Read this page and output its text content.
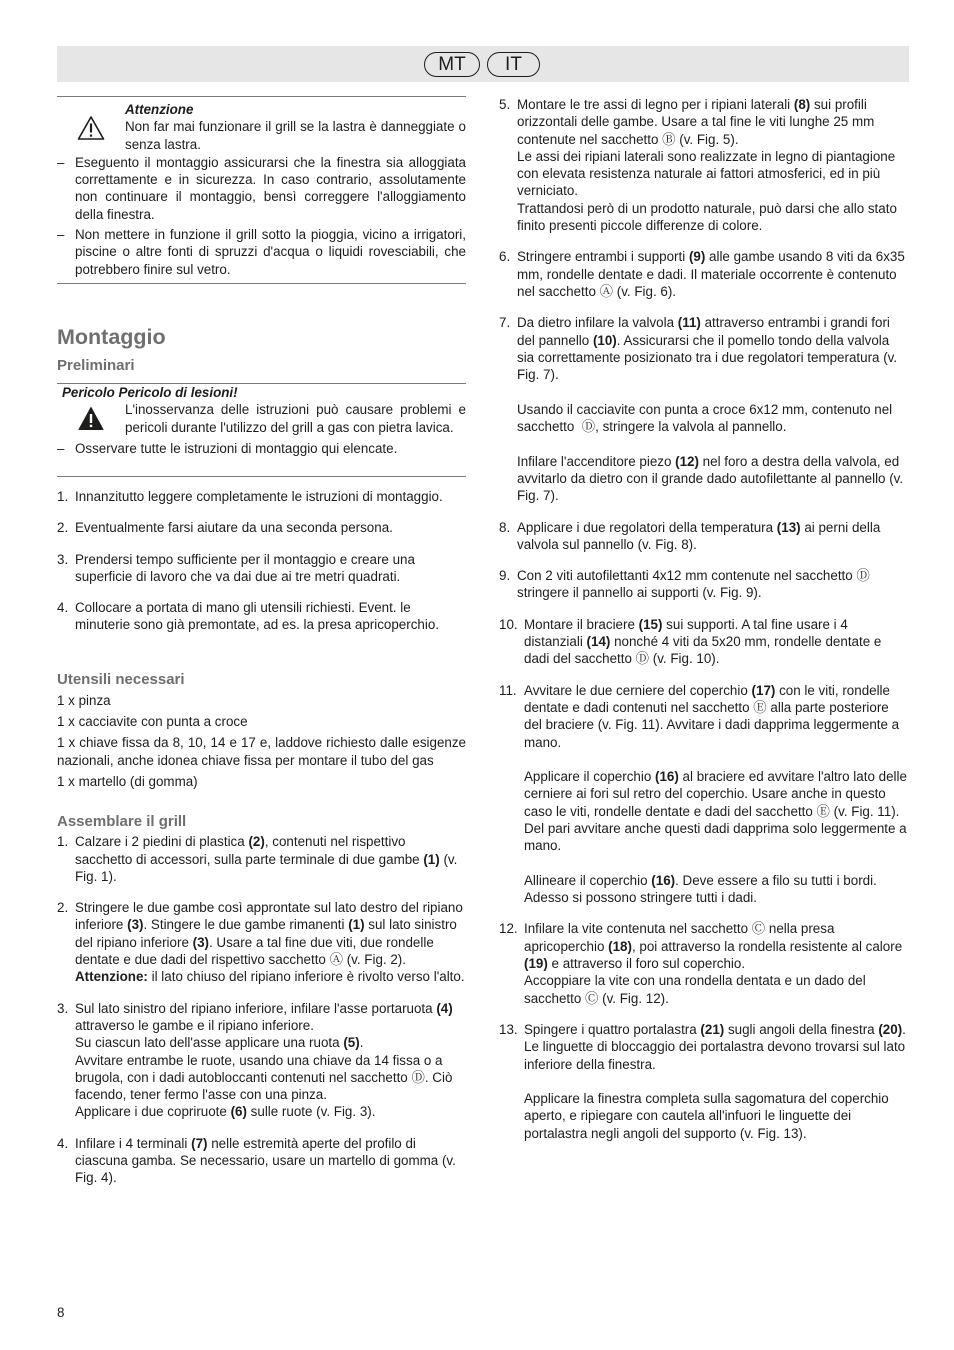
MT	IT
Attenzione
Non far mai funzionare il grill se la lastra è danneggiate o senza lastra.
– Eseguento il montaggio assicurarsi che la finestra sia alloggiata correttamente e in sicurezza. In caso contrario, assolutamente non continuare il montaggio, bensì correggere l'alloggiamento della finestra.
– Non mettere in funzione il grill sotto la pioggia, vicino a irrigatori, piscine o altre fonti di spruzzi d'acqua o liquidi rovesciabili, che potrebbero finire sul vetro.
Montaggio
Preliminari
Pericolo Pericolo di lesioni!
L'inosservanza delle istruzioni può causare problemi e pericoli durante l'utilizzo del grill a gas con pietra lavica.
– Osservare tutte le istruzioni di montaggio qui elencate.
1. Innanzitutto leggere completamente le istruzioni di montaggio.
2. Eventualmente farsi aiutare da una seconda persona.
3. Prendersi tempo sufficiente per il montaggio e creare una superficie di lavoro che va dai due ai tre metri quadrati.
4. Collocare a portata di mano gli utensili richiesti. Event. le minuterie sono già premontate, ad es. la presa apricoperchio.
Utensili necessari
1 x pinza
1 x cacciavite con punta a croce
1 x chiave fissa da 8, 10, 14 e 17 e, laddove richiesto dalle esigenze nazionali, anche idonea chiave fissa per montare il tubo del gas
1 x martello (di gomma)
Assemblare il grill
1. Calzare i 2 piedini di plastica (2), contenuti nel rispettivo sacchetto di accessori, sulla parte terminale di due gambe (1) (v. Fig. 1).
2. Stringere le due gambe così approntate sul lato destro del ripiano inferiore (3). Stingere le due gambe rimanenti (1) sul lato sinistro del ripiano inferiore (3). Usare a tal fine due viti, due rondelle dentate e due dadi del rispettivo sacchetto Ⓐ (v. Fig. 2).
Attenzione: il lato chiuso del ripiano inferiore è rivolto verso l'alto.
3. Sul lato sinistro del ripiano inferiore, infilare l'asse portaruota (4) attraverso le gambe e il ripiano inferiore.
Su ciascun lato dell'asse applicare una ruota (5).
Avvitare entrambe le ruote, usando una chiave da 14 fissa o a brugola, con i dadi autobloccanti contenuti nel sacchetto Ⓓ. Ciò facendo, tener fermo l'asse con una pinza.
Applicare i due copriruote (6) sulle ruote (v. Fig. 3).
4. Infilare i 4 terminali (7) nelle estremità aperte del profilo di ciascuna gamba. Se necessario, usare un martello di gomma (v. Fig. 4).
5. Montare le tre assi di legno per i ripiani laterali (8) sui profili orizzontali delle gambe. Usare a tal fine le viti lunghe 25 mm contenute nel sacchetto Ⓑ (v. Fig. 5).
Le assi dei ripiani laterali sono realizzate in legno di piantagione con elevata resistenza naturale ai fattori atmosferici, ed in più verniciato.
Trattandosi però di un prodotto naturale, può darsi che allo stato finito presenti piccole differenze di colore.
6. Stringere entrambi i supporti (9) alle gambe usando 8 viti da 6x35 mm, rondelle dentate e dadi. Il materiale occorrente è contenuto nel sacchetto Ⓐ (v. Fig. 6).
7. Da dietro infilare la valvola (11) attraverso entrambi i grandi fori del pannello (10). Assicurarsi che il pomello tondo della valvola sia correttamente posizionato tra i due regolatori temperatura (v. Fig. 7).

Usando il cacciavite con punta a croce 6x12 mm, contenuto nel sacchetto  Ⓓ, stringere la valvola al pannello.

Infilare l'accenditore piezo (12) nel foro a destra della valvola, ed avvitarlo da dietro con il grande dado autofilettante al pannello (v. Fig. 7).
8. Applicare i due regolatori della temperatura (13) ai perni della valvola sul pannello (v. Fig. 8).
9. Con 2 viti autofilettanti 4x12 mm contenute nel sacchetto Ⓓ stringere il pannello ai supporti (v. Fig. 9).
10. Montare il braciere (15) sui supporti. A tal fine usare i 4 distanziali (14) nonché 4 viti da 5x20 mm, rondelle dentate e dadi del sacchetto Ⓓ (v. Fig. 10).
11. Avvitare le due cerniere del coperchio (17) con le viti, rondelle dentate e dadi contenuti nel sacchetto Ⓔ alla parte posteriore del braciere (v. Fig. 11). Avvitare i dadi dapprima leggermente a mano.

Applicare il coperchio (16) al braciere ed avvitare l'altro lato delle cerniere ai fori sul retro del coperchio. Usare anche in questo caso le viti, rondelle dentate e dadi del sacchetto Ⓔ (v. Fig. 11). Del pari avvitare anche questi dadi dapprima solo leggermente a mano.

Allineare il coperchio (16). Deve essere a filo su tutti i bordi. Adesso si possono stringere tutti i dadi.
12. Infilare la vite contenuta nel sacchetto Ⓒ nella presa apricoperchio (18), poi attraverso la rondella resistente al calore (19) e attraverso il foro sul coperchio.
Accoppiare la vite con una rondella dentata e un dado del sacchetto Ⓒ (v. Fig. 12).
13. Spingere i quattro portalastra (21) sugli angoli della finestra (20).
Le linguette di bloccaggio dei portalastra devono trovarsi sul lato inferiore della finestra.

Applicare la finestra completa sulla sagomatura del coperchio aperto, e ripiegare con cautela all'infuori le linguette dei portalastra negli angoli del supporto (v. Fig. 13).
8
